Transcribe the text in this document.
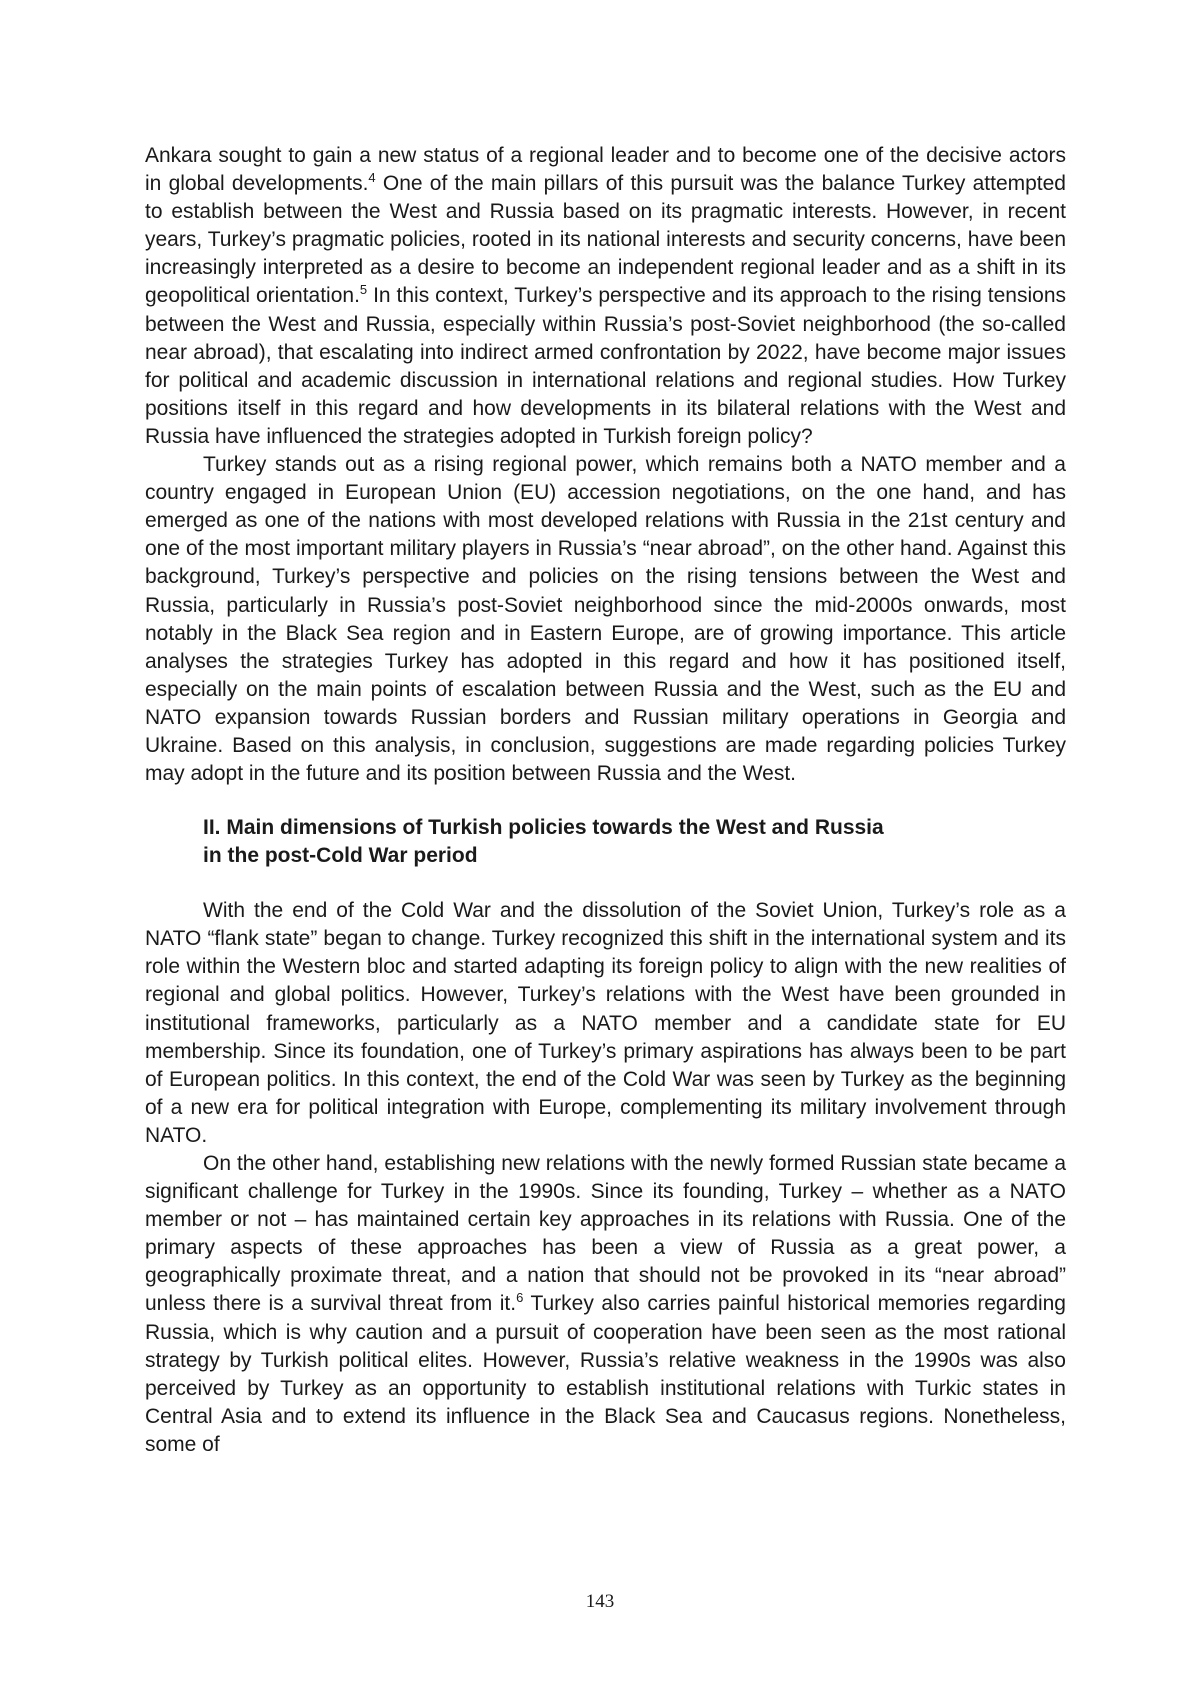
Ankara sought to gain a new status of a regional leader and to become one of the decisive actors in global developments.$^4$ One of the main pillars of this pursuit was the balance Turkey attempted to establish between the West and Russia based on its pragmatic interests. However, in recent years, Turkey’s pragmatic policies, rooted in its national interests and security concerns, have been increasingly interpreted as a desire to become an independent regional leader and as a shift in its geopolitical orientation.$^5$ In this context, Turkey’s perspective and its approach to the rising tensions between the West and Russia, especially within Russia’s post-Soviet neighborhood (the so-called near abroad), that escalating into indirect armed confrontation by 2022, have become major issues for political and academic discussion in international relations and regional studies. How Turkey positions itself in this regard and how developments in its bilateral relations with the West and Russia have influenced the strategies adopted in Turkish foreign policy?

Turkey stands out as a rising regional power, which remains both a NATO member and a country engaged in European Union (EU) accession negotiations, on the one hand, and has emerged as one of the nations with most developed relations with Russia in the 21st century and one of the most important military players in Russia’s “near abroad”, on the other hand. Against this background, Turkey’s perspective and policies on the rising tensions between the West and Russia, particularly in Russia’s post-Soviet neighborhood since the mid-2000s onwards, most notably in the Black Sea region and in Eastern Europe, are of growing importance. This article analyses the strategies Turkey has adopted in this regard and how it has positioned itself, especially on the main points of escalation between Russia and the West, such as the EU and NATO expansion towards Russian borders and Russian military operations in Georgia and Ukraine. Based on this analysis, in conclusion, suggestions are made regarding policies Turkey may adopt in the future and its position between Russia and the West.

II. Main dimensions of Turkish policies towards the West and Russia
in the post-Cold War period

With the end of the Cold War and the dissolution of the Soviet Union, Turkey’s role as a NATO “flank state” began to change. Turkey recognized this shift in the international system and its role within the Western bloc and started adapting its foreign policy to align with the new realities of regional and global politics. However, Turkey’s relations with the West have been grounded in institutional frameworks, particularly as a NATO member and a candidate state for EU membership. Since its foundation, one of Turkey’s primary aspirations has always been to be part of European politics. In this context, the end of the Cold War was seen by Turkey as the beginning of a new era for political integration with Europe, complementing its military involvement through NATO.

On the other hand, establishing new relations with the newly formed Russian state became a significant challenge for Turkey in the 1990s. Since its founding, Turkey – whether as a NATO member or not – has maintained certain key approaches in its relations with Russia. One of the primary aspects of these approaches has been a view of Russia as a great power, a geographically proximate threat, and a nation that should not be provoked in its “near abroad” unless there is a survival threat from it.$^6$ Turkey also carries painful historical memories regarding Russia, which is why caution and a pursuit of cooperation have been seen as the most rational strategy by Turkish political elites. However, Russia’s relative weakness in the 1990s was also perceived by Turkey as an opportunity to establish institutional relations with Turkic states in Central Asia and to extend its influence in the Black Sea and Caucasus regions. Nonetheless, some of

143
